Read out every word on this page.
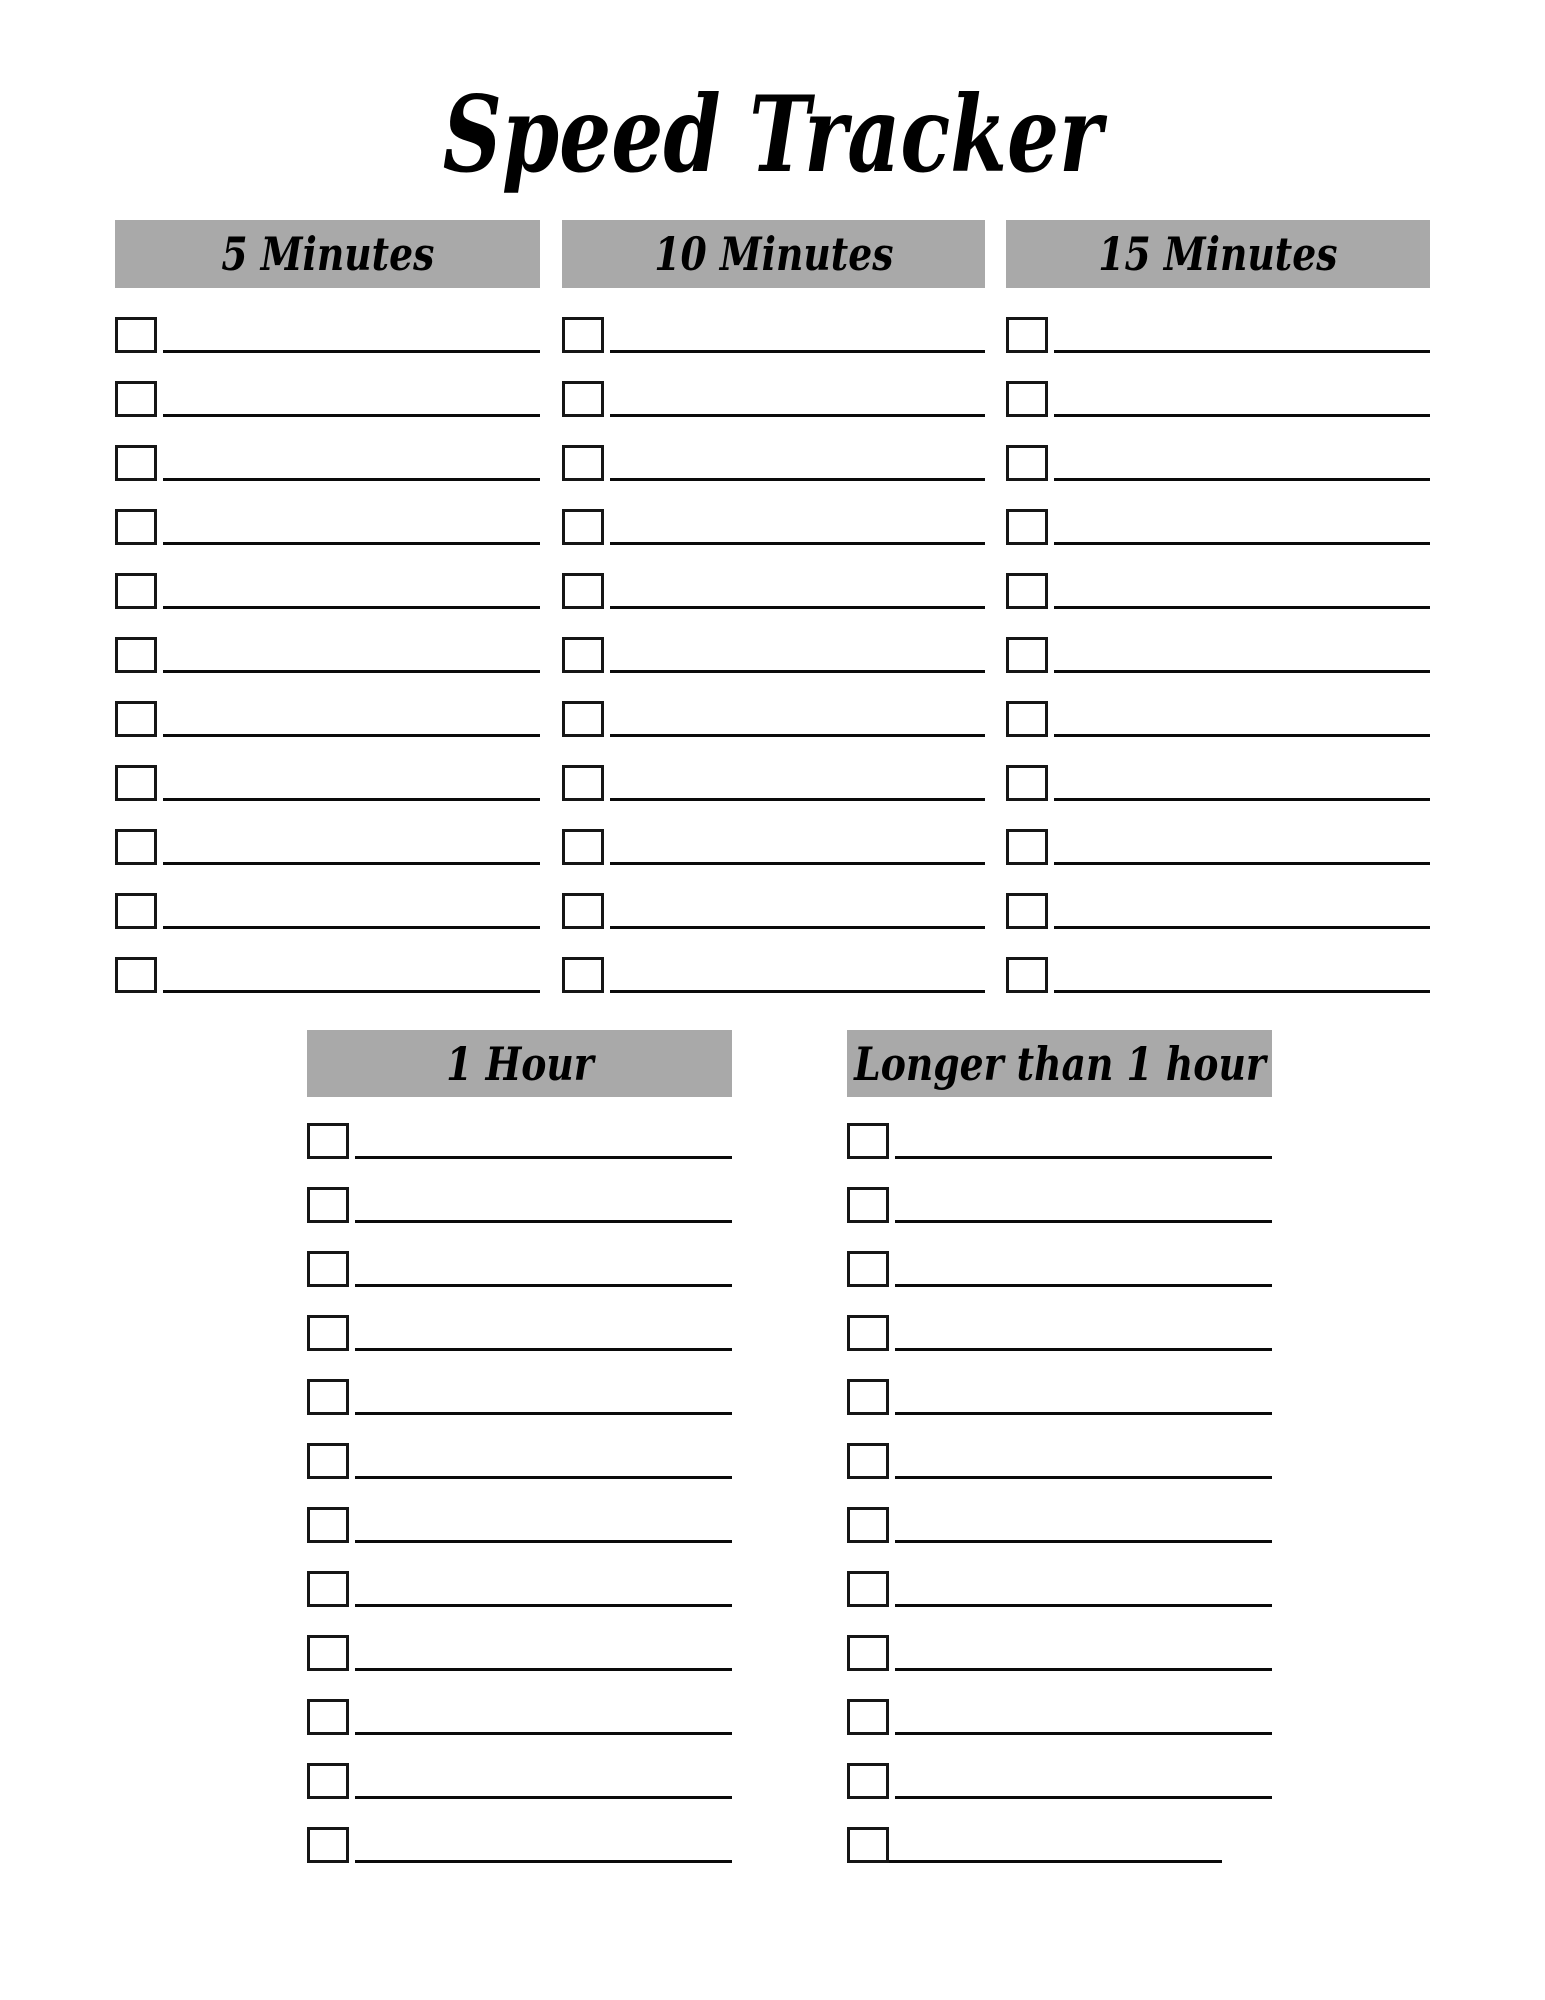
Speed Tracker
5 Minutes	10 Minutes	15 Minutes
1 Hour	Longer than 1 hour
